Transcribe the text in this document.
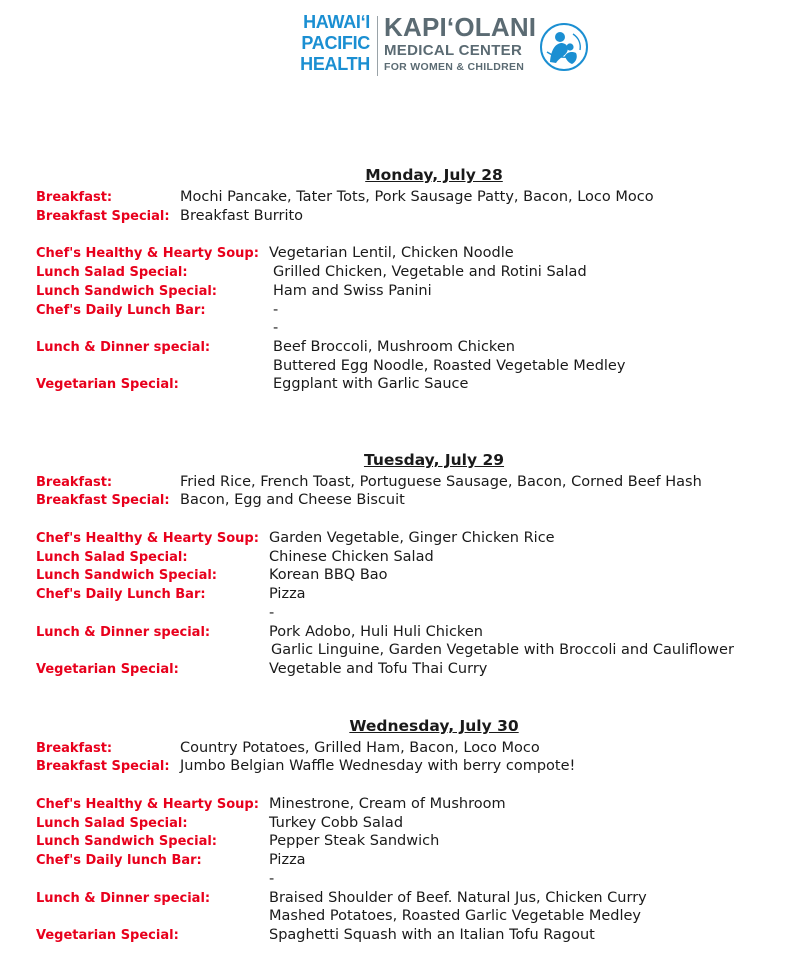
HAWAIʻI
PACIFIC
HEALTH
KAPIʻOLANI
MEDICAL CENTER
FOR WOMEN & CHILDREN
Monday, July 28
Breakfast:	Mochi Pancake, Tater Tots, Pork Sausage Patty, Bacon, Loco Moco
Breakfast Special: Breakfast Burrito
Chef's Healthy & Hearty Soup: Vegetarian Lentil, Chicken Noodle
Lunch Salad Special:	Grilled Chicken, Vegetable and Rotini Salad
Lunch Sandwich Special:	Ham and Swiss Panini
Chef's Daily Lunch Bar:	-
-
Lunch & Dinner special:	Beef Broccoli, Mushroom Chicken
Buttered Egg Noodle, Roasted Vegetable Medley
Vegetarian Special:	Eggplant with Garlic Sauce
Tuesday, July 29
Breakfast:	Fried Rice, French Toast, Portuguese Sausage, Bacon, Corned Beef Hash
Breakfast Special: Bacon, Egg and Cheese Biscuit
Chef's Healthy & Hearty Soup: Garden Vegetable, Ginger Chicken Rice
Lunch Salad Special:	Chinese Chicken Salad
Lunch Sandwich Special:	Korean BBQ Bao
Chef's Daily Lunch Bar:	Pizza
-
Lunch & Dinner special:	Pork Adobo, Huli Huli Chicken
Garlic Linguine, Garden Vegetable with Broccoli and Cauliflower
Vegetarian Special:	Vegetable and Tofu Thai Curry
Wednesday, July 30
Breakfast:	Country Potatoes, Grilled Ham, Bacon, Loco Moco
Breakfast Special: Jumbo Belgian Waffle Wednesday with berry compote!
Chef's Healthy & Hearty Soup: Minestrone, Cream of Mushroom
Lunch Salad Special:	Turkey Cobb Salad
Lunch Sandwich Special:	Pepper Steak Sandwich
Chef's Daily lunch Bar:	Pizza
-
Lunch & Dinner special:	Braised Shoulder of Beef. Natural Jus, Chicken Curry
Mashed Potatoes, Roasted Garlic Vegetable Medley
Vegetarian Special:	Spaghetti Squash with an Italian Tofu Ragout
